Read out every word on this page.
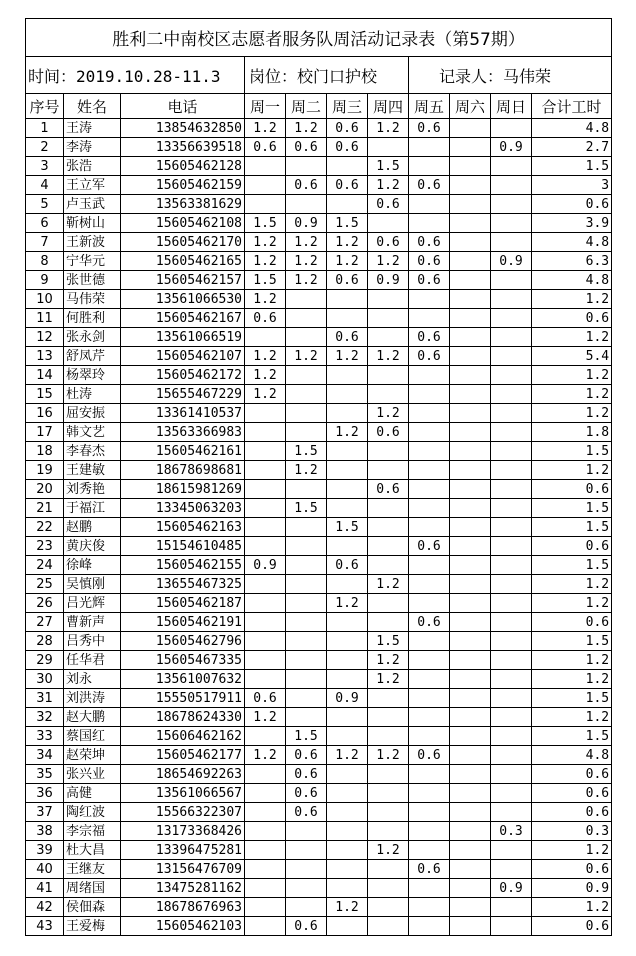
胜利二中南校区志愿者服务队周活动记录表（第57期）										
时间：2019.10.28-11.3			岗位：校门口护校				记录人：马伟荣			
序号	姓名	电话	周一	周二	周三	周四	周五	周六	周日	合计工时
1	王涛	13854632850	1.2	1.2	0.6	1.2	0.6			4.8
2	李涛	13356639518	0.6	0.6	0.6				0.9	2.7
3	张浩	15605462128				1.5				1.5
4	王立军	15605462159		0.6	0.6	1.2	0.6			3
5	卢玉武	13563381629				0.6				0.6
6	靳树山	15605462108	1.5	0.9	1.5					3.9
7	王新波	15605462170	1.2	1.2	1.2	0.6	0.6			4.8
8	宁华元	15605462165	1.2	1.2	1.2	1.2	0.6		0.9	6.3
9	张世德	15605462157	1.5	1.2	0.6	0.9	0.6			4.8
10	马伟荣	13561066530	1.2							1.2
11	何胜利	15605462167	0.6							0.6
12	张永剑	13561066519			0.6		0.6			1.2
13	舒凤芹	15605462107	1.2	1.2	1.2	1.2	0.6			5.4
14	杨翠玲	15605462172	1.2							1.2
15	杜涛	15655467229	1.2							1.2
16	屈安振	13361410537				1.2				1.2
17	韩文艺	13563366983			1.2	0.6				1.8
18	李春杰	15605462161		1.5						1.5
19	王建敏	18678698681		1.2						1.2
20	刘秀艳	18615981269				0.6				0.6
21	于福江	13345063203		1.5						1.5
22	赵鹏	15605462163			1.5					1.5
23	黄庆俊	15154610485					0.6			0.6
24	徐峰	15605462155	0.9		0.6					1.5
25	吴慎刚	13655467325				1.2				1.2
26	吕光辉	15605462187			1.2					1.2
27	曹新声	15605462191					0.6			0.6
28	吕秀中	15605462796				1.5				1.5
29	任华君	15605467335				1.2				1.2
30	刘永	13561007632				1.2				1.2
31	刘洪涛	15550517911	0.6		0.9					1.5
32	赵大鹏	18678624330	1.2							1.2
33	蔡国红	15606462162		1.5						1.5
34	赵荣坤	15605462177	1.2	0.6	1.2	1.2	0.6			4.8
35	张兴业	18654692263		0.6						0.6
36	高健	13561066567		0.6						0.6
37	陶红波	15566322307		0.6						0.6
38	李宗福	13173368426							0.3	0.3
39	杜大昌	13396475281				1.2				1.2
40	王继友	13156476709					0.6			0.6
41	周绪国	13475281162							0.9	0.9
42	侯佃森	18678676963			1.2					1.2
43	王爱梅	15605462103		0.6						0.6
